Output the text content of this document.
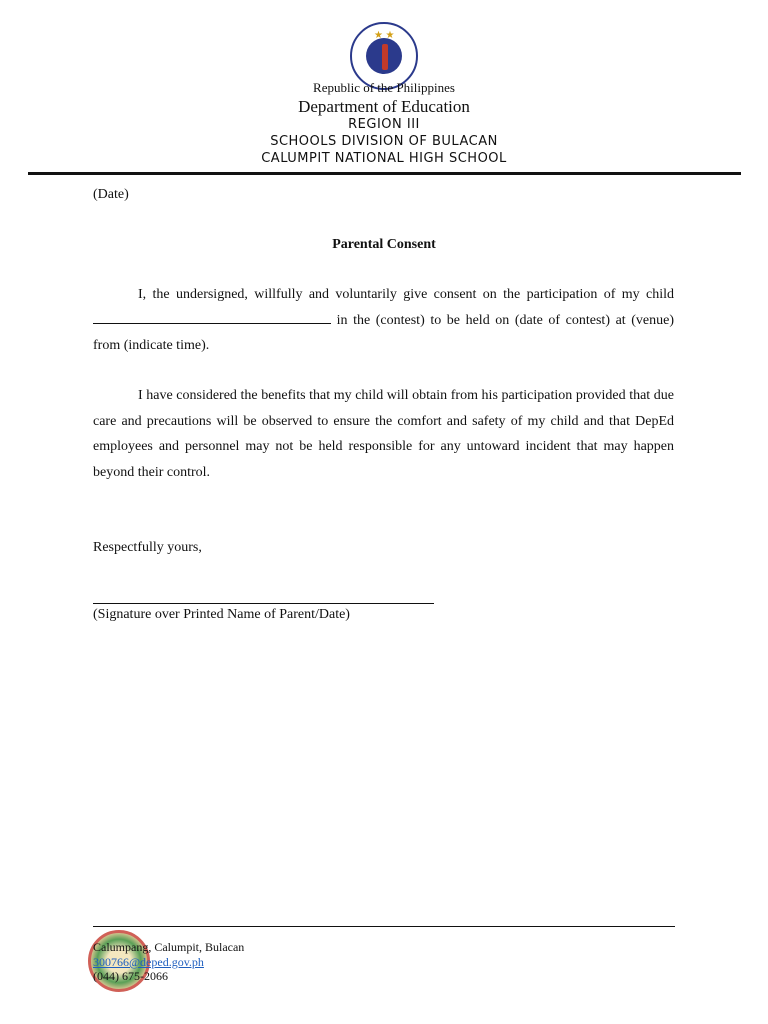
★ ★
Republic of the Philippines
Department of Education
REGION III
SCHOOLS DIVISION OF BULACAN
CALUMPIT NATIONAL HIGH SCHOOL
(Date)
Parental Consent
I, the undersigned, willfully and voluntarily give consent on the participation of my child  in the (contest) to be held on (date of contest) at (venue) from (indicate time).
I have considered the benefits that my child will obtain from his participation provided that due care and precautions will be observed to ensure the comfort and safety of my child and that DepEd employees and personnel may not be held responsible for any untoward incident that may happen beyond their control.
Respectfully yours,
(Signature over Printed Name of Parent/Date)
Calumpang, Calumpit, Bulacan
300766@deped.gov.ph
(044) 675-2066
